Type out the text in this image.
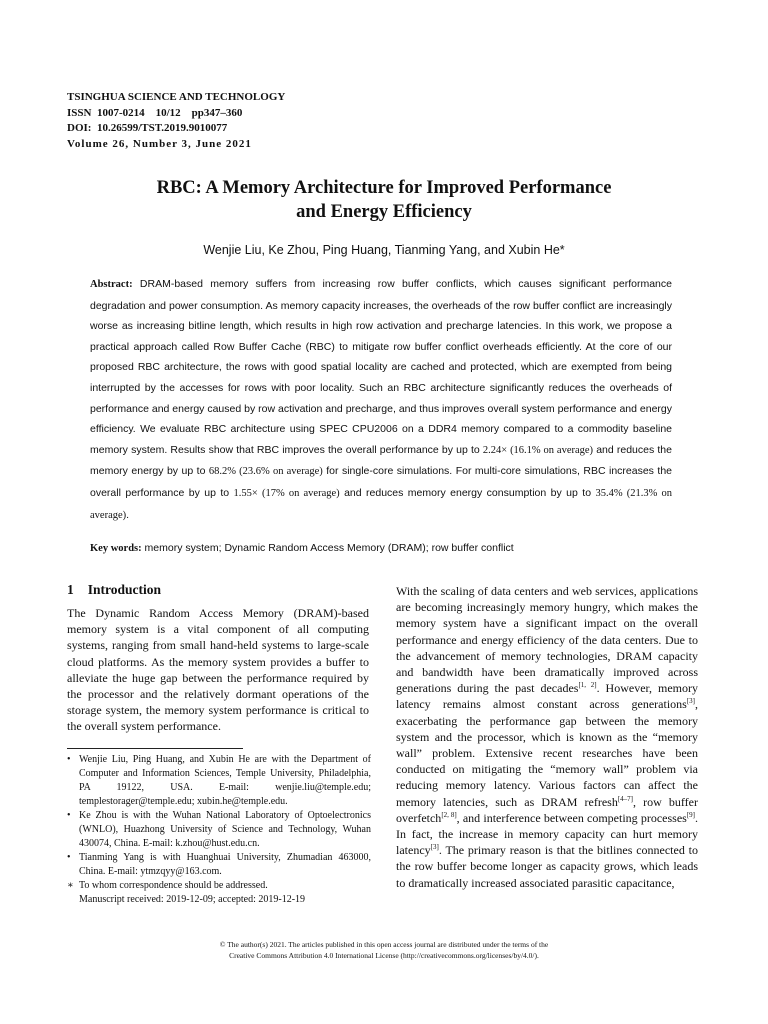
TSINGHUA SCIENCE AND TECHNOLOGY
ISSN  1007-0214    10/12    pp347–360
DOI:  10.26599/TST.2019.9010077
Volume 26, Number 3, June 2021
RBC: A Memory Architecture for Improved Performance
and Energy Efficiency
Wenjie Liu, Ke Zhou, Ping Huang, Tianming Yang, and Xubin He*
Abstract: DRAM-based memory suffers from increasing row buffer conflicts, which causes significant performance degradation and power consumption. As memory capacity increases, the overheads of the row buffer conflict are increasingly worse as increasing bitline length, which results in high row activation and precharge latencies. In this work, we propose a practical approach called Row Buffer Cache (RBC) to mitigate row buffer conflict overheads efficiently. At the core of our proposed RBC architecture, the rows with good spatial locality are cached and protected, which are exempted from being interrupted by the accesses for rows with poor locality. Such an RBC architecture significantly reduces the overheads of performance and energy caused by row activation and precharge, and thus improves overall system performance and energy efficiency. We evaluate RBC architecture using SPEC CPU2006 on a DDR4 memory compared to a commodity baseline memory system. Results show that RBC improves the overall performance by up to 2.24× (16.1% on average) and reduces the memory energy by up to 68.2% (23.6% on average) for single-core simulations. For multi-core simulations, RBC increases the overall performance by up to 1.55× (17% on average) and reduces memory energy consumption by up to 35.4% (21.3% on average).
Key words: memory system; Dynamic Random Access Memory (DRAM); row buffer conflict
1 Introduction
The Dynamic Random Access Memory (DRAM)-based memory system is a vital component of all computing systems, ranging from small hand-held systems to large-scale cloud platforms. As the memory system provides a buffer to alleviate the huge gap between the performance required by the processor and the relatively dormant operations of the storage system, the memory system performance is critical to the overall system performance.
With the scaling of data centers and web services, applications are becoming increasingly memory hungry, which makes the memory system have a significant impact on the overall performance and energy efficiency of the data centers. Due to the advancement of memory technologies, DRAM capacity and bandwidth have been dramatically improved across generations during the past decades[1, 2]. However, memory latency remains almost constant across generations[3], exacerbating the performance gap between the memory system and the processor, which is known as the “memory wall” problem. Extensive recent researches have been conducted on mitigating the “memory wall” problem via reducing memory latency. Various factors can affect the memory latencies, such as DRAM refresh[4–7], row buffer overfetch[2, 8], and interference between competing processes[9]. In fact, the increase in memory capacity can hurt memory latency[3]. The primary reason is that the bitlines connected to the row buffer become longer as capacity grows, which leads to dramatically increased associated parasitic capacitance,
• Wenjie Liu, Ping Huang, and Xubin He are with the Department of Computer and Information Sciences, Temple University, Philadelphia, PA 19122, USA. E-mail: wenjie.liu@temple.edu; templestorager@temple.edu; xubin.he@temple.edu.
• Ke Zhou is with the Wuhan National Laboratory of Optoelectronics (WNLO), Huazhong University of Science and Technology, Wuhan 430074, China. E-mail: k.zhou@hust.edu.cn.
• Tianming Yang is with Huanghuai University, Zhumadian 463000, China. E-mail: ytmzqyy@163.com.
∗ To whom correspondence should be addressed.
Manuscript received: 2019-12-09; accepted: 2019-12-19
© The author(s) 2021. The articles published in this open access journal are distributed under the terms of the
Creative Commons Attribution 4.0 International License (http://creativecommons.org/licenses/by/4.0/).
